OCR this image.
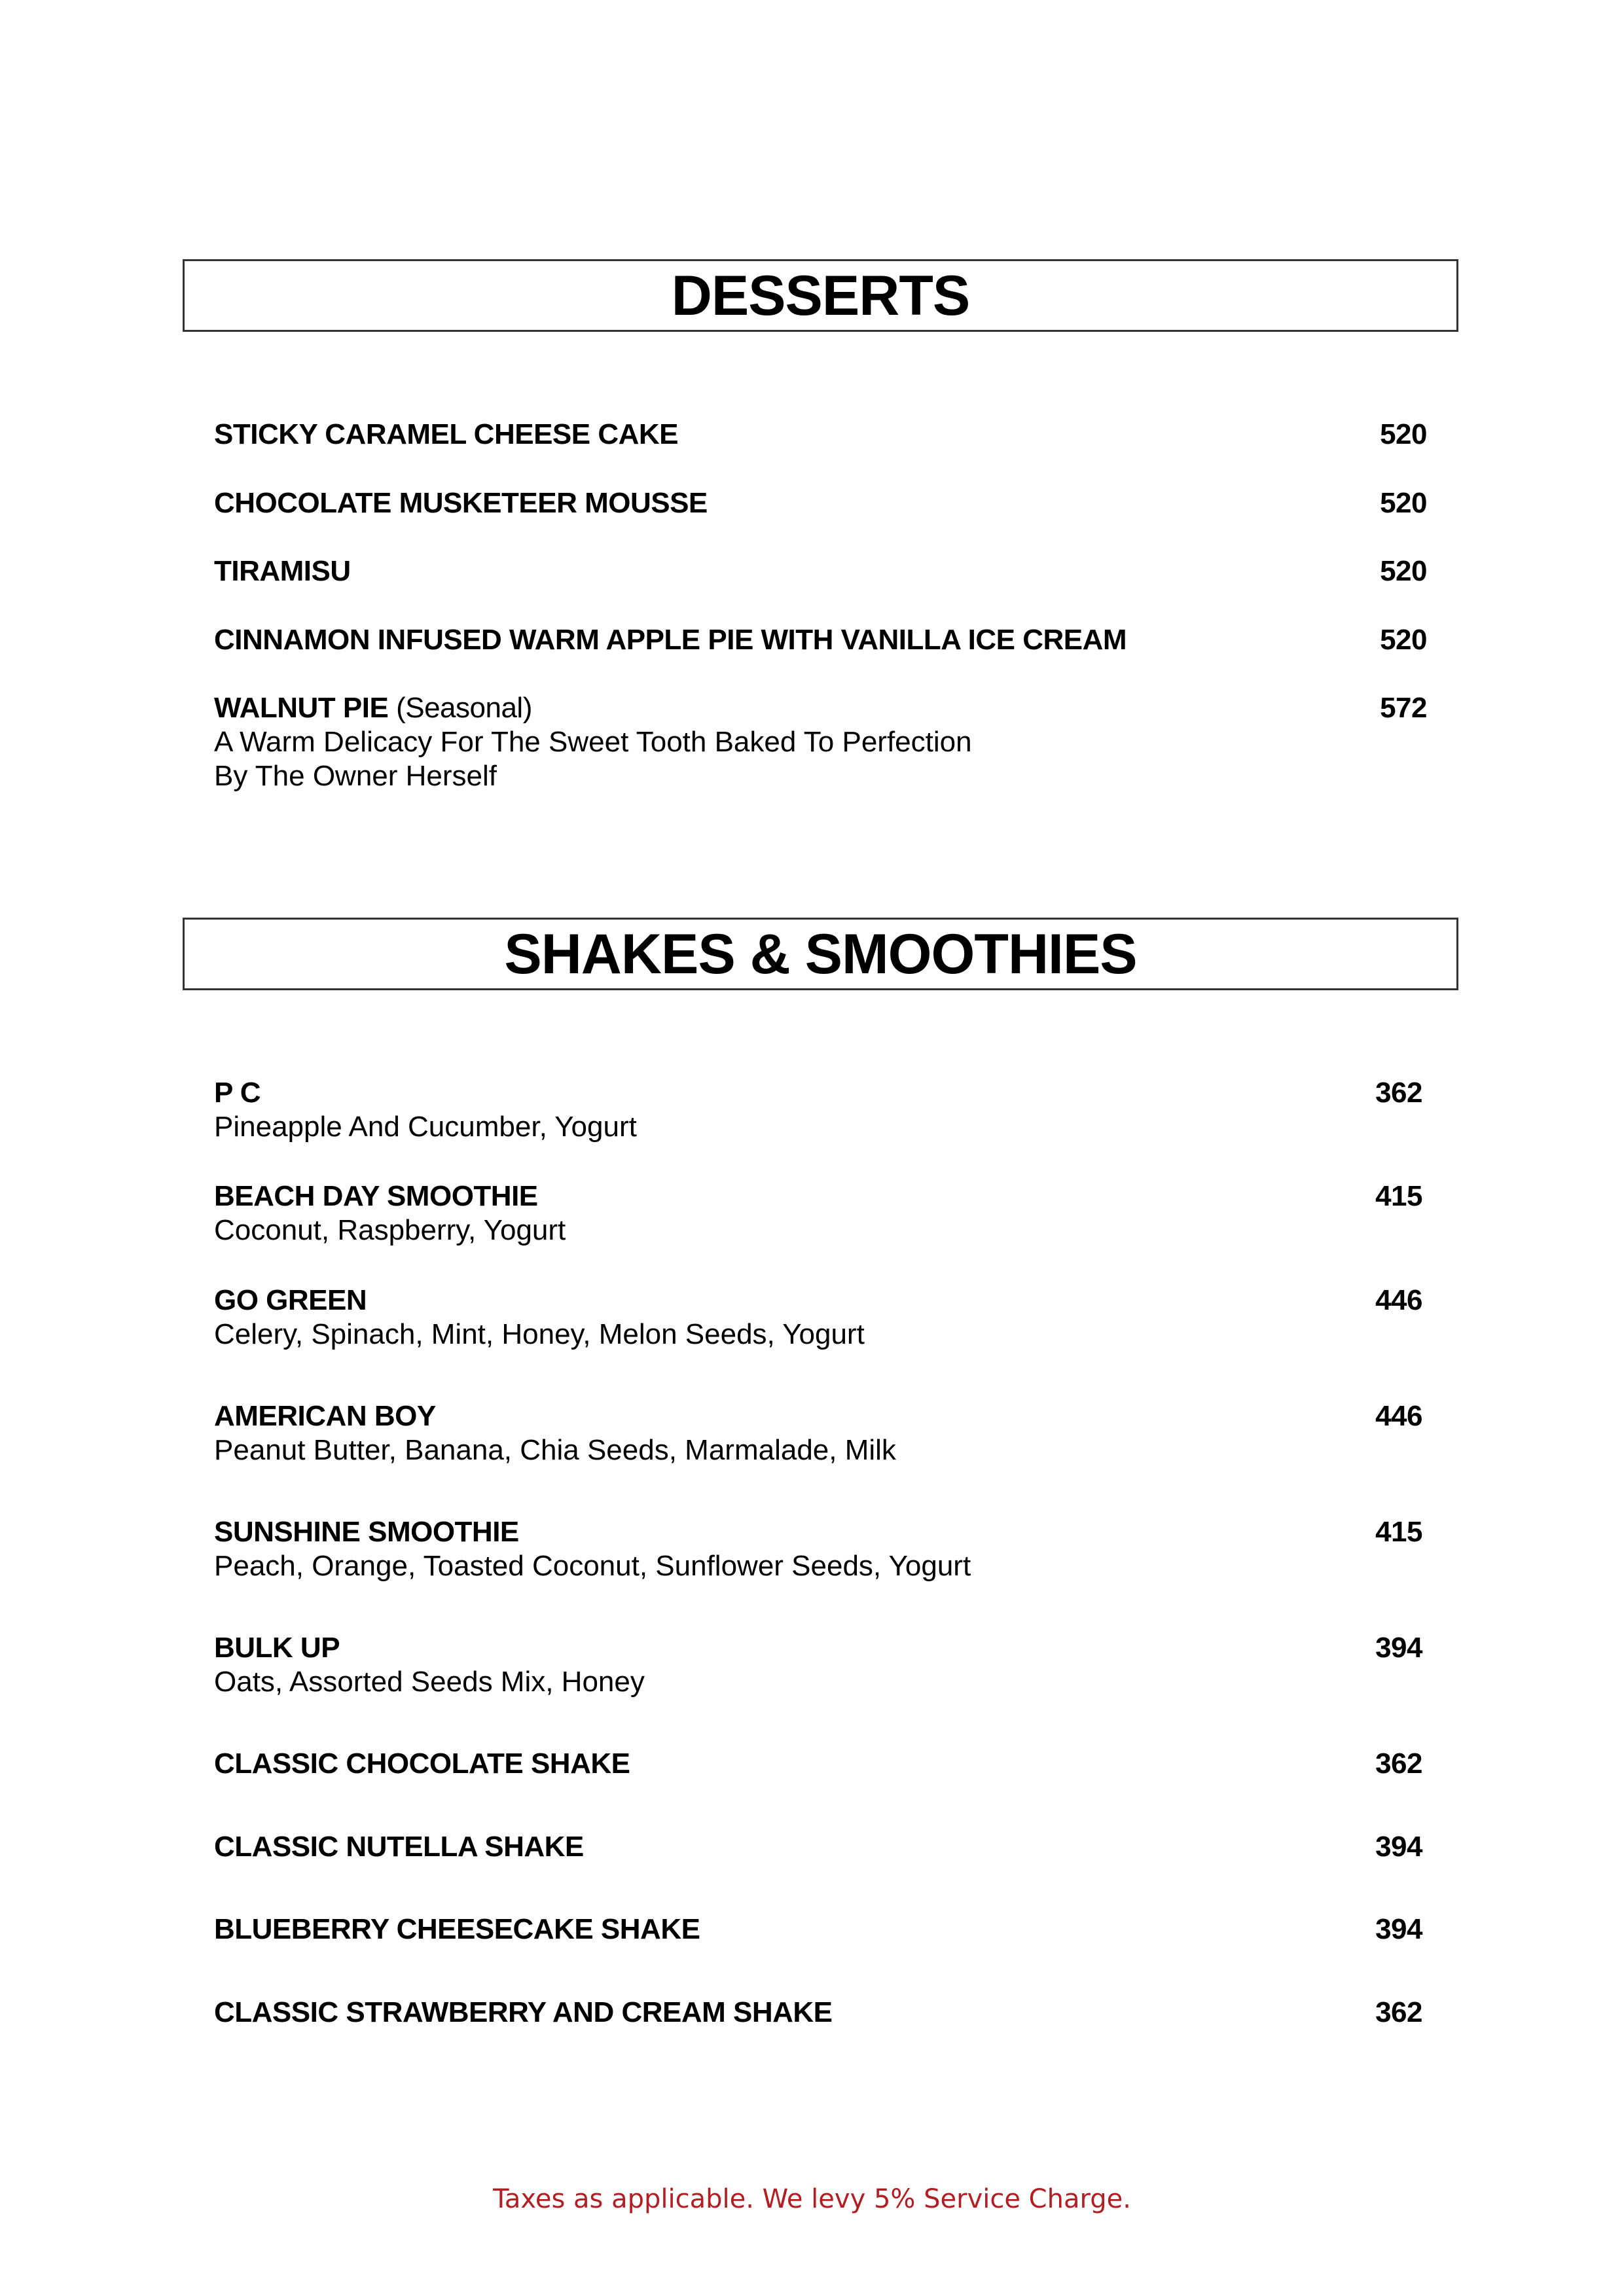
DESSERTS
STICKY CARAMEL CHEESE CAKE	520
CHOCOLATE MUSKETEER MOUSSE	520
TIRAMISU	520
CINNAMON INFUSED WARM APPLE PIE WITH VANILLA ICE CREAM	520
WALNUT PIE (Seasonal)	572
A Warm Delicacy For The Sweet Tooth Baked To Perfection
By The Owner Herself
SHAKES & SMOOTHIES
P C	362
Pineapple And Cucumber, Yogurt
BEACH DAY SMOOTHIE	415
Coconut, Raspberry, Yogurt
GO GREEN	446
Celery, Spinach, Mint, Honey, Melon Seeds, Yogurt
AMERICAN BOY	446
Peanut Butter, Banana, Chia Seeds, Marmalade, Milk
SUNSHINE SMOOTHIE	415
Peach, Orange, Toasted Coconut, Sunflower Seeds, Yogurt
BULK UP	394
Oats, Assorted Seeds Mix, Honey
CLASSIC CHOCOLATE SHAKE	362
CLASSIC NUTELLA SHAKE	394
BLUEBERRY CHEESECAKE SHAKE	394
CLASSIC STRAWBERRY AND CREAM SHAKE	362
Taxes as applicable. We levy 5% Service Charge.
